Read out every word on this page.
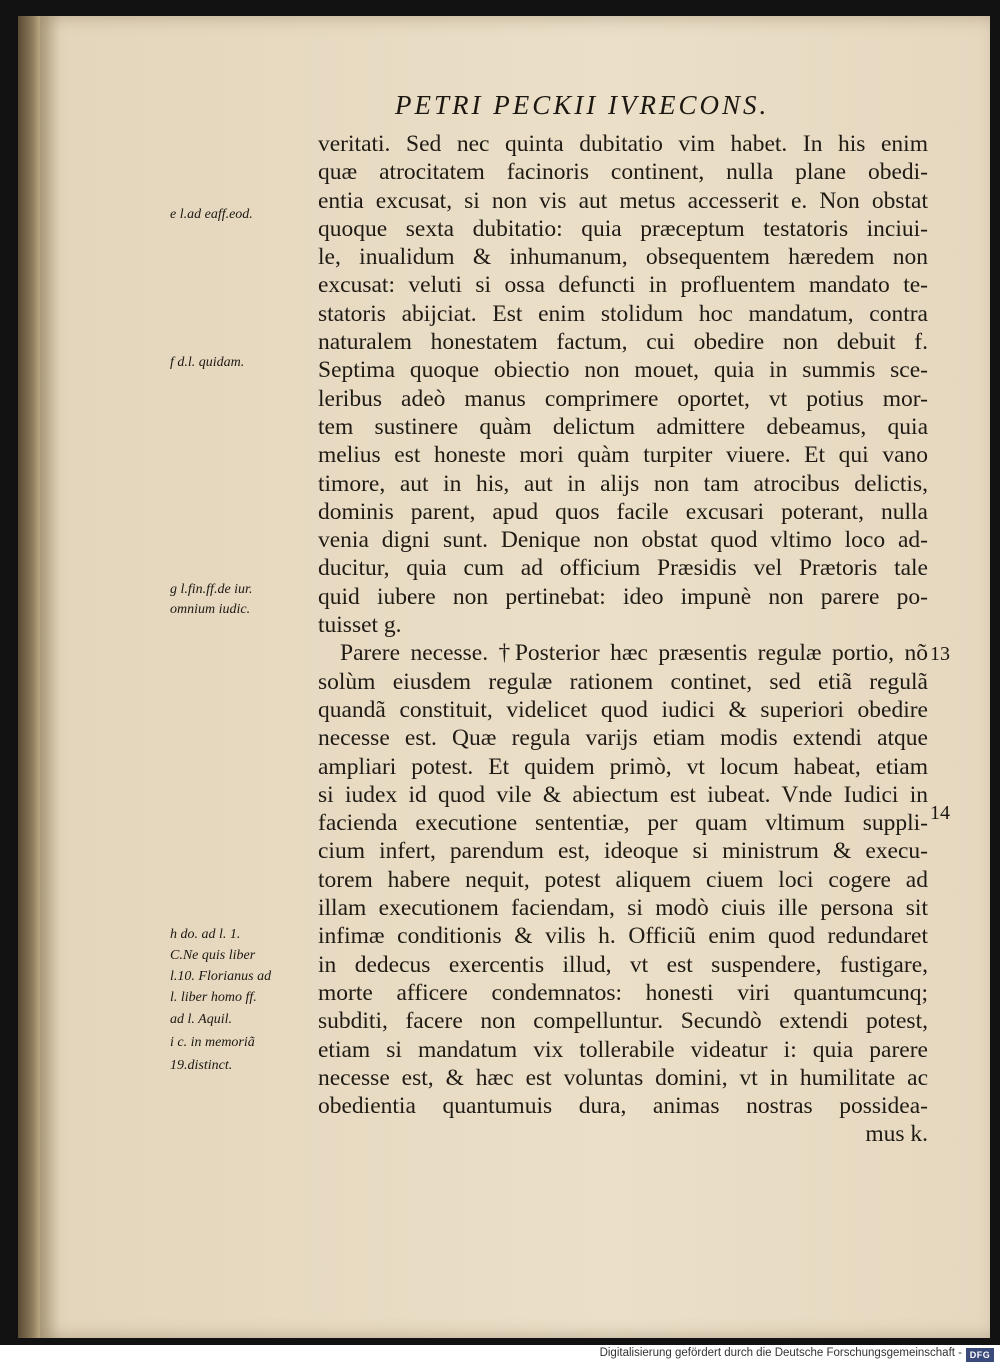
PETRI PECKII IVRECONS.
veritati. Sed nec quinta dubitatio vim habet. In his enim
quæ atrocitatem facinoris continent, nulla plane obedi-
entia excusat, si non vis aut metus accesserit e. Non obstat
quoque sexta dubitatio: quia præceptum testatoris inciui-
le, inualidum & inhumanum, obsequentem hæredem non
excusat: veluti si ossa defuncti in profluentem mandato te-
statoris abijciat. Est enim stolidum hoc mandatum, contra
naturalem honestatem factum, cui obedire non debuit f.
Septima quoque obiectio non mouet, quia in summis sce-
leribus adeò manus comprimere oportet, vt potius mor-
tem sustinere quàm delictum admittere debeamus, quia
melius est honeste mori quàm turpiter viuere. Et qui vano
timore, aut in his, aut in alijs non tam atrocibus delictis,
dominis parent, apud quos facile excusari poterant, nulla
venia digni sunt. Denique non obstat quod vltimo loco ad-
ducitur, quia cum ad officium Præsidis vel Prætoris tale
quid iubere non pertinebat: ideo impunè non parere po-
tuisset g.
Parere necesse. †Posterior hæc præsentis regulæ portio, nõ
solùm eiusdem regulæ rationem continet, sed etiã regulã
quandã constituit, videlicet quod iudici & superiori obedire
necesse est. Quæ regula varijs etiam modis extendi atque
ampliari potest. Et quidem primò, vt locum habeat, etiam
si iudex id quod vile & abiectum est iubeat. Vnde Iudici in
facienda executione sententiæ, per quam vltimum suppli-
cium infert, parendum est, ideoque si ministrum & execu-
torem habere nequit, potest aliquem ciuem loci cogere ad
illam executionem faciendam, si modò ciuis ille persona sit
infimæ conditionis & vilis h. Officiũ enim quod redundaret
in dedecus exercentis illud, vt est suspendere, fustigare,
morte afficere condemnatos: honesti viri quantumcunq;
subditi, facere non compelluntur. Secundò extendi potest,
etiam si mandatum vix tollerabile videatur i: quia parere
necesse est, & hæc est voluntas domini, vt in humilitate ac
obedientia quantumuis dura, animas nostras possidea-
mus k.
e l.ad eaff.eod.
f d.l. quidam.
g l.fin.ff.de iur.
omnium iudic.
h do. ad l. 1.
C.Ne quis liber
l.10. Florianus ad
l. liber homo ff.
ad l. Aquil.
i c. in memoriã
19.distinct.
13
14
Digitalisierung gefördert durch die Deutsche Forschungsgemeinschaft - DFG
